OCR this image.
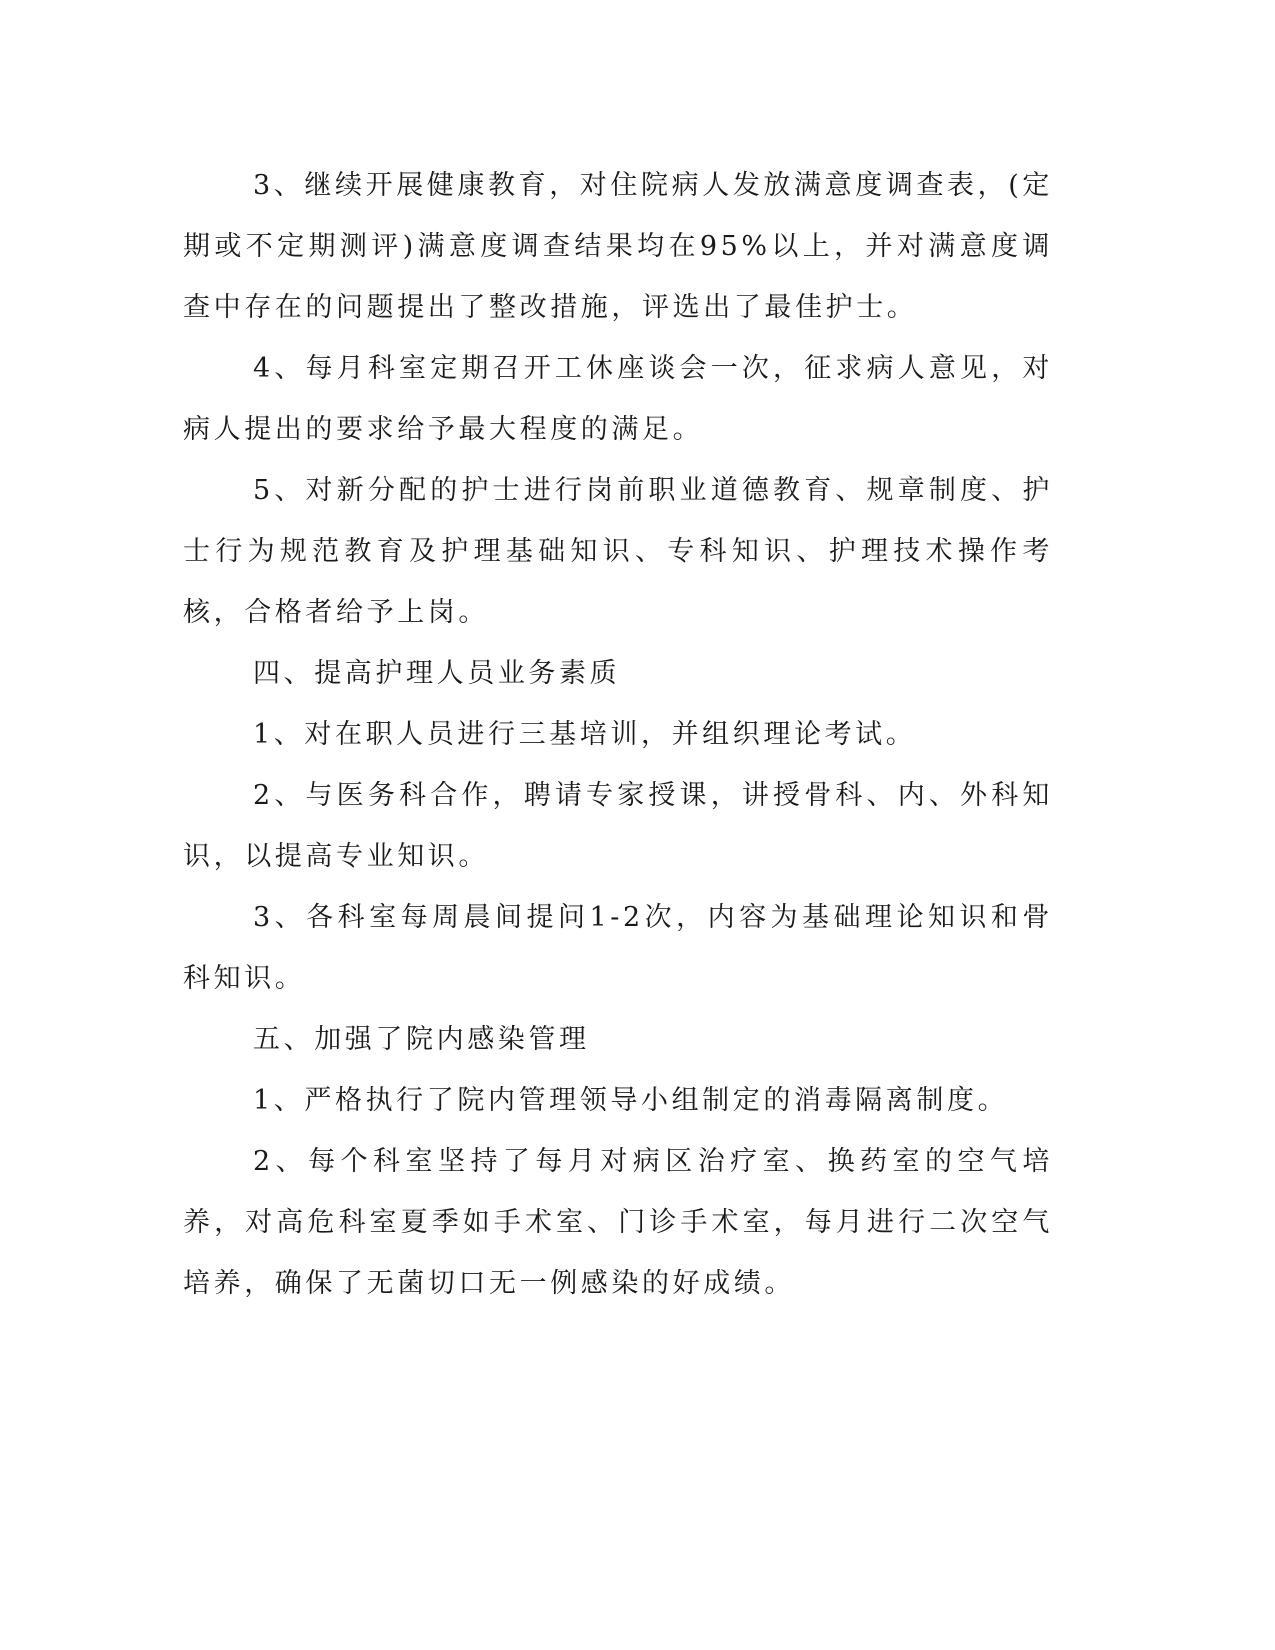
3、继续开展健康教育，对住院病人发放满意度调查表，(定期或不定期测评)满意度调查结果均在95%以上，并对满意度调查中存在的问题提出了整改措施，评选出了最佳护士。

4、每月科室定期召开工休座谈会一次，征求病人意见，对病人提出的要求给予最大程度的满足。

5、对新分配的护士进行岗前职业道德教育、规章制度、护士行为规范教育及护理基础知识、专科知识、护理技术操作考核，合格者给予上岗。

四、提高护理人员业务素质

1、对在职人员进行三基培训，并组织理论考试。

2、与医务科合作，聘请专家授课，讲授骨科、内、外科知识，以提高专业知识。

3、各科室每周晨间提问1-2次，内容为基础理论知识和骨科知识。

五、加强了院内感染管理

1、严格执行了院内管理领导小组制定的消毒隔离制度。

2、每个科室坚持了每月对病区治疗室、换药室的空气培养，对高危科室夏季如手术室、门诊手术室，每月进行二次空气培养，确保了无菌切口无一例感染的好成绩。
